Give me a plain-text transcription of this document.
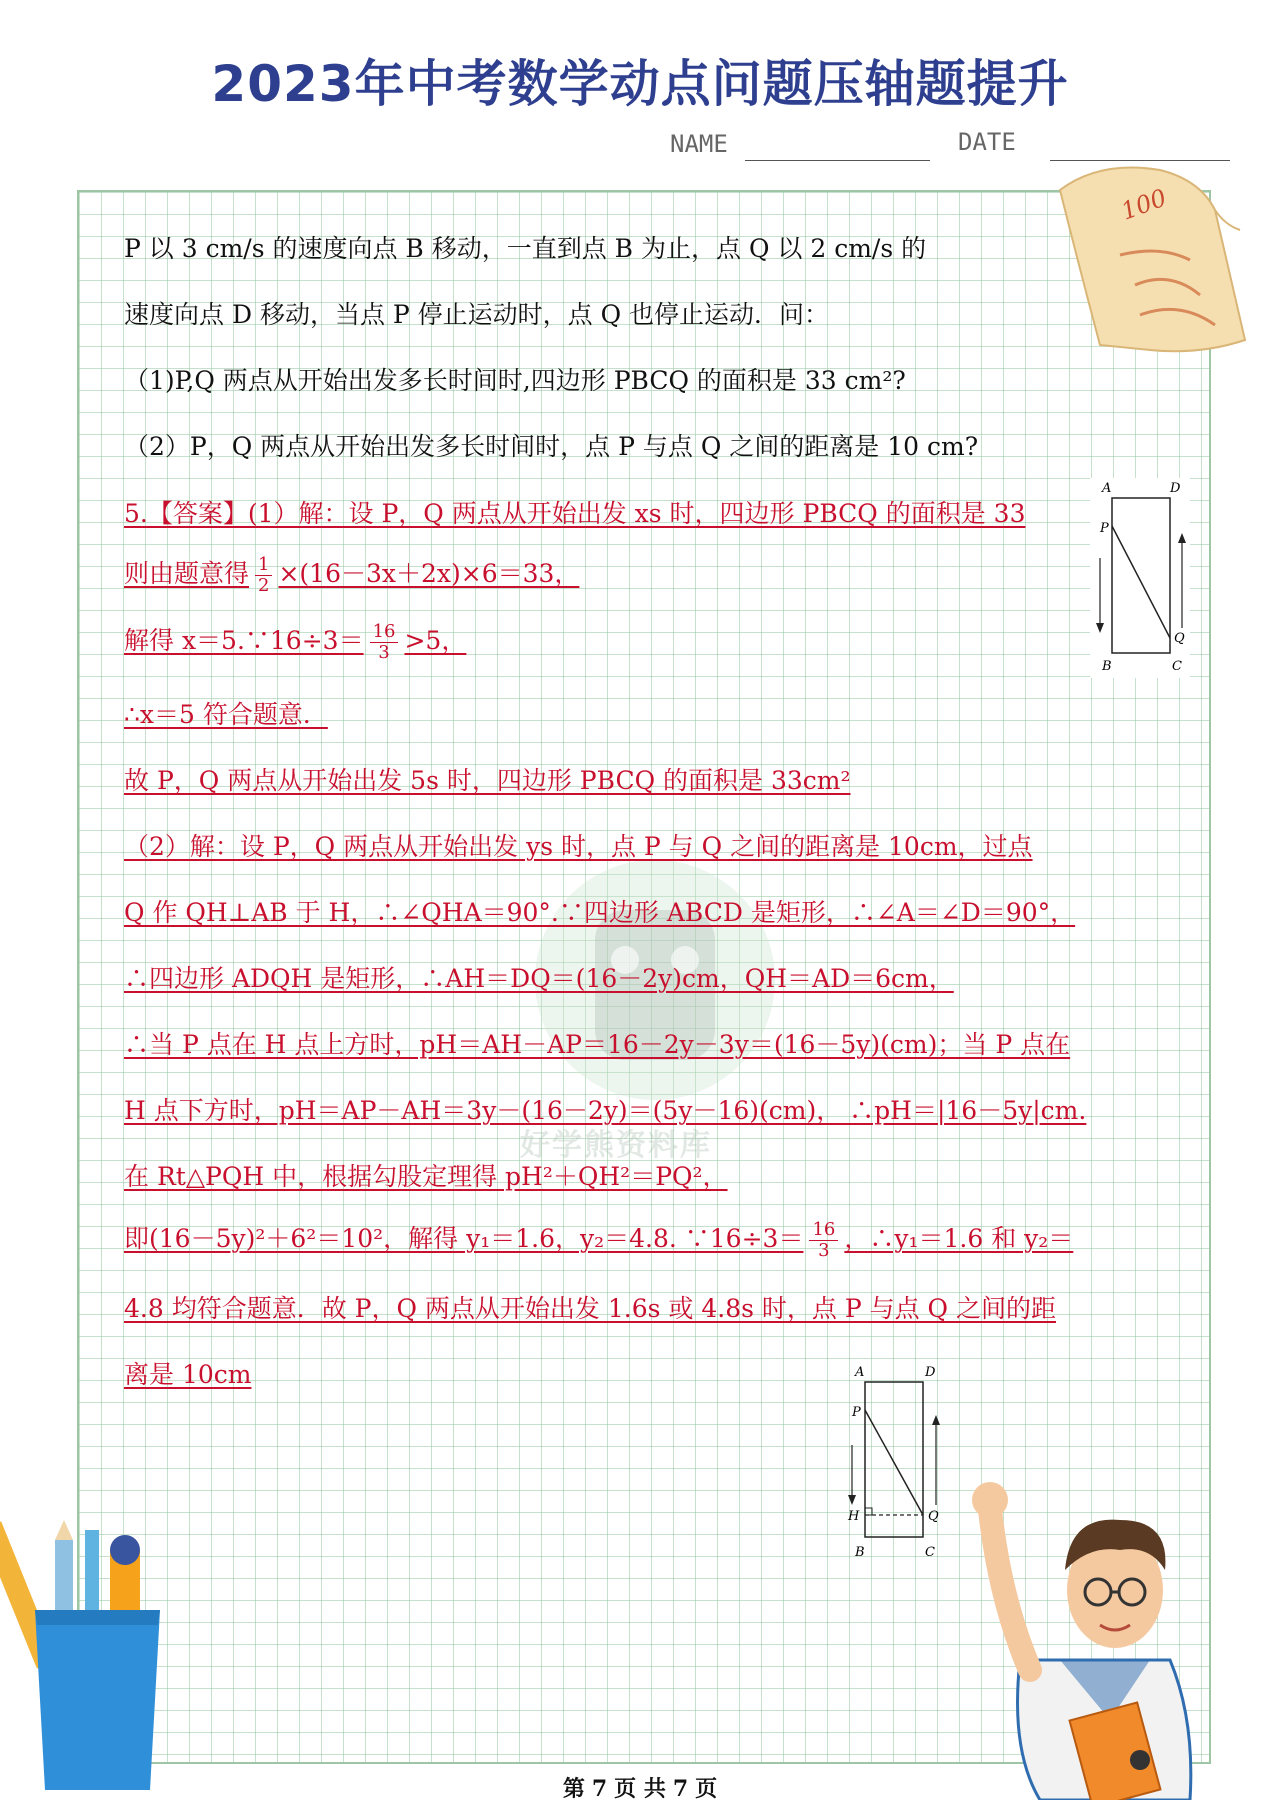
2023年中考数学动点问题压轴题提升
NAME	DATE
100
好学熊资料库
P 以 3 cm/s 的速度向点 B 移动，一直到点 B 为止，点 Q 以 2 cm/s 的
速度向点 D 移动，当点 P 停止运动时，点 Q 也停止运动．问：
（1)P,Q 两点从开始出发多长时间时,四边形 PBCQ 的面积是 33 cm²?
（2）P，Q 两点从开始出发多长时间时，点 P 与点 Q 之间的距离是 10 cm?
5.【答案】(1）解：设 P，Q 两点从开始出发 xs 时，四边形 PBCQ 的面积是 33
则由题意得 $\frac{1}{2} \times(16-3x+2x)\times 6=33$，
解得 x＝5.∵16÷3＝ $\frac{16}{3} >5$，
∴x＝5 符合题意．
故 P，Q 两点从开始出发 5s 时，四边形 PBCQ 的面积是 33cm²
（2）解：设 P，Q 两点从开始出发 ys 时，点 P 与 Q 之间的距离是 10cm，过点
Q 作 QH⊥AB 于 H，∴∠QHA＝90°.∵四边形 ABCD 是矩形，∴∠A＝∠D＝90°，
∴四边形 ADQH 是矩形，∴AH＝DQ＝(16－2y)cm，QH＝AD＝6cm，
∴当 P 点在 H 点上方时，pH＝AH－AP＝16－2y－3y＝(16－5y)(cm)；当 P 点在
H 点下方时，pH＝AP－AH＝3y－(16－2y)＝(5y－16)(cm)， ∴pH＝|16－5y|cm.
在 Rt△PQH 中，根据勾股定理得 pH²＋QH²＝PQ²，
即(16－5y)²＋6²＝10²，解得 y₁＝1.6，y₂＝4.8. ∵16÷3＝ $\frac{16}{3}$ ，∴y₁＝1.6 和 y₂＝
4.8 均符合题意．故 P，Q 两点从开始出发 1.6s 或 4.8s 时，点 P 与点 Q 之间的距
离是 10cm
A	D
P
Q
B	C
A	D
P
H	Q
B	C
第 7 页 共 7 页
